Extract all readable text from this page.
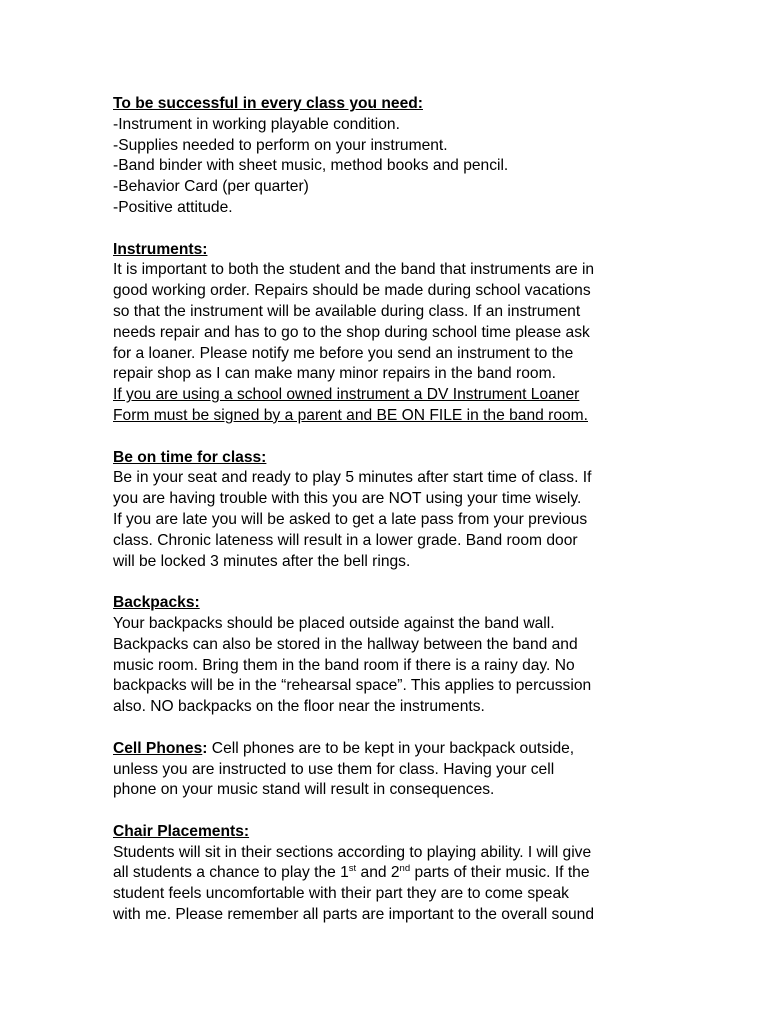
To be successful in every class you need:
-Instrument in working playable condition.
-Supplies needed to perform on your instrument.
-Band binder with sheet music, method books and pencil.
-Behavior Card (per quarter)
-Positive attitude.
Instruments:
It is important to both the student and the band that instruments are in
good working order. Repairs should be made during school vacations
so that the instrument will be available during class. If an instrument
needs repair and has to go to the shop during school time please ask
for a loaner. Please notify me before you send an instrument to the
repair shop as I can make many minor repairs in the band room.
If you are using a school owned instrument a DV Instrument Loaner
Form must be signed by a parent and BE ON FILE in the band room.
Be on time for class:
Be in your seat and ready to play 5 minutes after start time of class. If
you are having trouble with this you are NOT using your time wisely.
If you are late you will be asked to get a late pass from your previous
class. Chronic lateness will result in a lower grade. Band room door
will be locked 3 minutes after the bell rings.
Backpacks:
Your backpacks should be placed outside against the band wall.
Backpacks can also be stored in the hallway between the band and
music room. Bring them in the band room if there is a rainy day. No
backpacks will be in the “rehearsal space”. This applies to percussion
also. NO backpacks on the floor near the instruments.
Cell Phones: Cell phones are to be kept in your backpack outside,
unless you are instructed to use them for class. Having your cell
phone on your music stand will result in consequences.
Chair Placements:
Students will sit in their sections according to playing ability. I will give
all students a chance to play the 1st and 2nd parts of their music. If the
student feels uncomfortable with their part they are to come speak
with me. Please remember all parts are important to the overall sound
